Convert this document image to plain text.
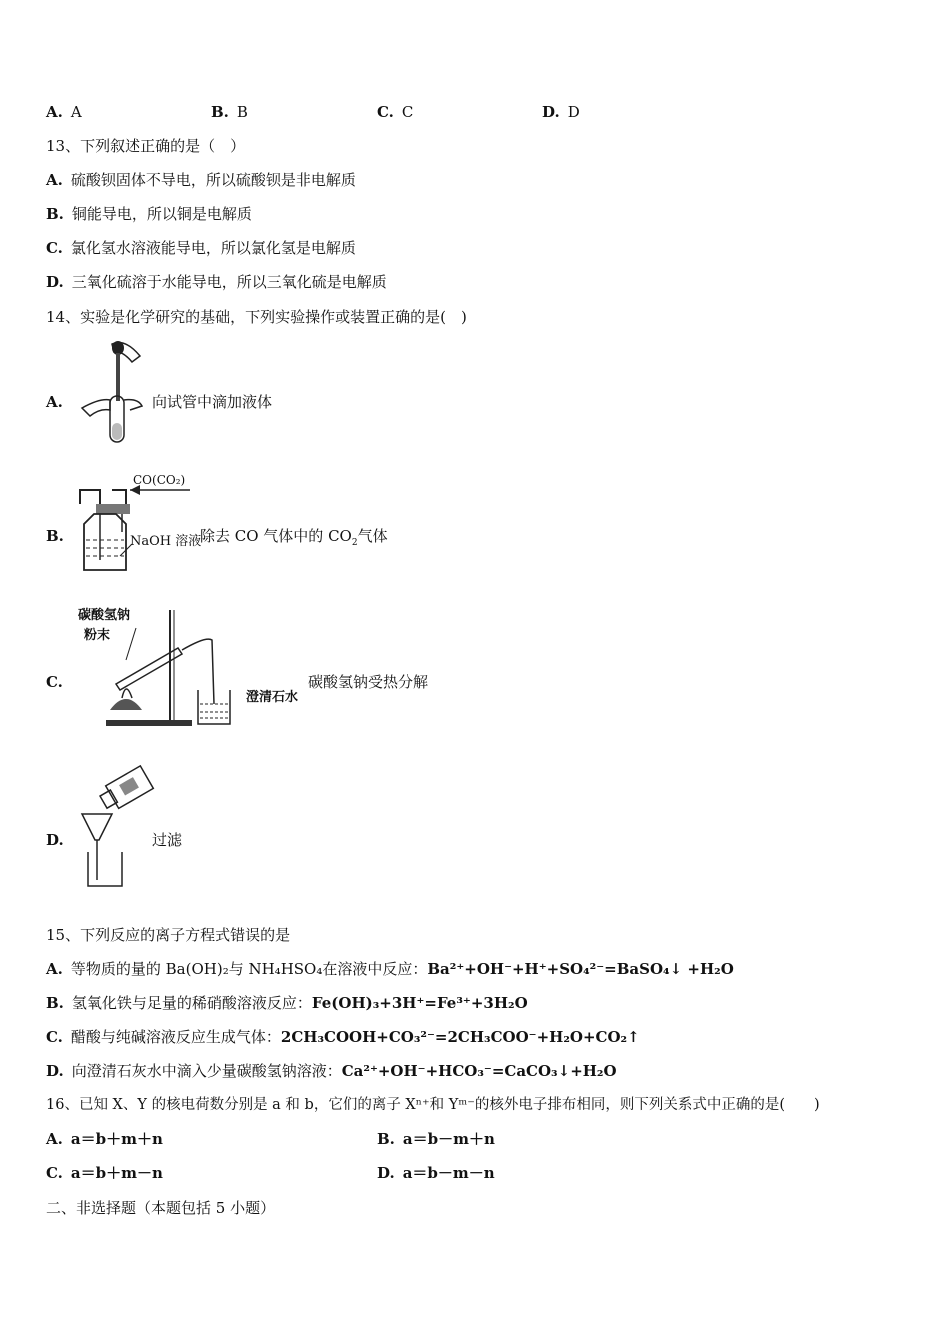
A. A	B. B	C. C	D. D
13、下列叙述正确的是（　）
A. 硫酸钡固体不导电，所以硫酸钡是非电解质
B. 铜能导电，所以铜是电解质
C. 氯化氢水溶液能导电，所以氯化氢是电解质
D. 三氧化硫溶于水能导电，所以三氧化硫是电解质
14、实验是化学研究的基础，下列实验操作或装置正确的是(　)
A.	向试管中滴加液体
B.
CO(CO₂)
NaOH 溶液
除去 CO 气体中的 $CO_2$气体
C.
碳酸氢钠
粉末
澄清石水
碳酸氢钠受热分解
D.	过滤
15、下列反应的离子方程式错误的是
A. 等物质的量的 Ba(OH)₂与 NH₄HSO₄在溶液中反应：Ba²⁺+OH⁻+H⁺+SO₄²⁻=BaSO₄↓ +H₂O
B. 氢氧化铁与足量的稀硝酸溶液反应：Fe(OH)₃+3H⁺=Fe³⁺+3H₂O
C. 醋酸与纯碱溶液反应生成气体：2CH₃COOH+CO₃²⁻=2CH₃COO⁻+H₂O+CO₂↑
D. 向澄清石灰水中滴入少量碳酸氢钠溶液：Ca²⁺+OH⁻+HCO₃⁻=CaCO₃↓+H₂O
16、已知 X、Y 的核电荷数分别是 a 和 b，它们的离子 Xⁿ⁺和 Yᵐ⁻的核外电子排布相同，则下列关系式中正确的是(　　)
A. a＝b＋m＋n	B. a＝b－m＋n
C. a＝b＋m－n	D. a＝b－m－n
二、非选择题（本题包括 5 小题）
